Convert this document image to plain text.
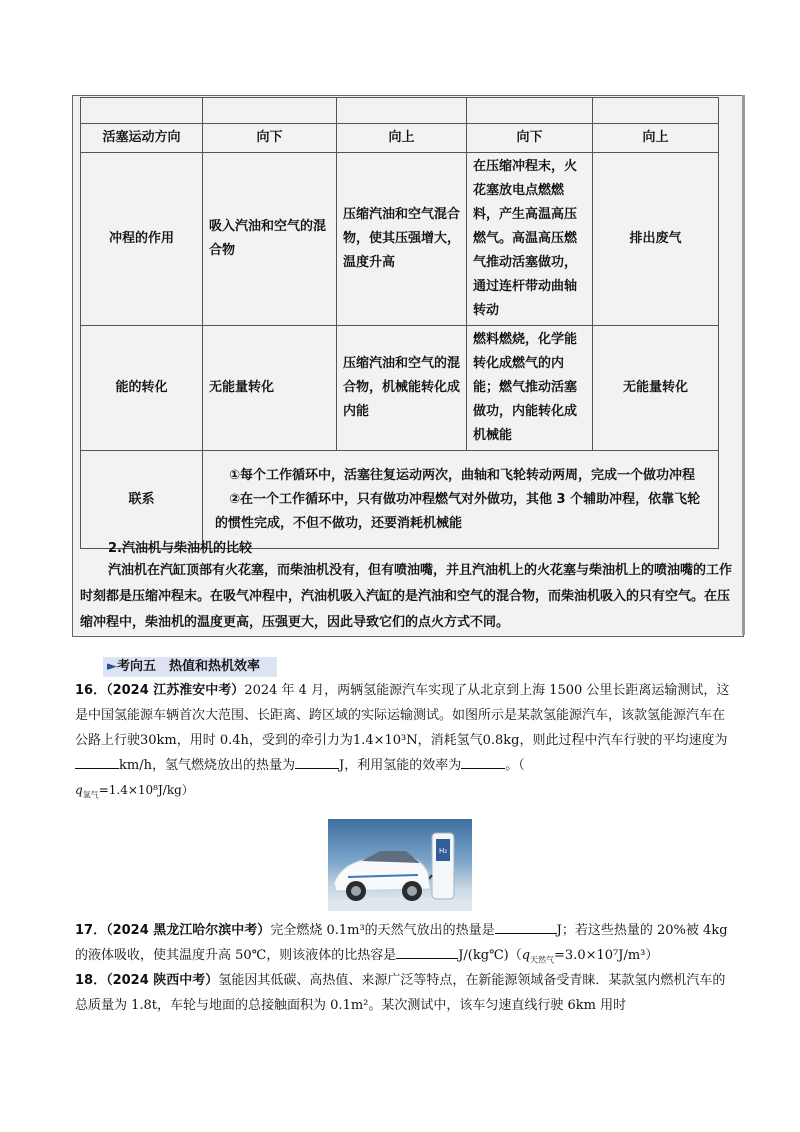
活塞运动方向	向下	向上	向下	向上
冲程的作用	吸入汽油和空气的混合物	压缩汽油和空气混合物，使其压强增大，温度升高	在压缩冲程末，火花塞放电点燃燃料，产生高温高压燃气。高温高压燃气推动活塞做功，通过连杆带动曲轴转动	排出废气
能的转化	无能量转化	压缩汽油和空气的混合物，机械能转化成内能	燃料燃烧，化学能转化成燃气的内能；燃气推动活塞做功，内能转化成机械能	无能量转化
联系	①每个工作循环中，活塞往复运动两次，曲轴和飞轮转动两周，完成一个做功冲程
②在一个工作循环中，只有做功冲程燃气对外做功，其他 3 个辅助冲程，依靠飞轮的惯性完成，不但不做功，还要消耗机械能			
2.汽油机与柴油机的比较
汽油机在汽缸顶部有火花塞，而柴油机没有，但有喷油嘴，并且汽油机上的火花塞与柴油机上的喷油嘴的工作时刻都是压缩冲程末。在吸气冲程中，汽油机吸入汽缸的是汽油和空气的混合物，而柴油机吸入的只有空气。在压缩冲程中，柴油机的温度更高，压强更大，因此导致它们的点火方式不同。
►考向五　热值和热机效率
16．（2024 江苏淮安中考）2024 年 4 月，两辆氢能源汽车实现了从北京到上海 1500 公里长距离运输测试，这是中国氢能源车辆首次大范围、长距离、跨区域的实际运输测试。如图所示是某款氢能源汽车，该款氢能源汽车在公路上行驶30km，用时 0.4h，受到的牵引力为1.4×10³N，消耗氢气0.8kg，则此过程中汽车行驶的平均速度为km/h，氢气燃烧放出的热量为	J，利用氢能的效率为	。（
$q_{氢气}=1.4\times 10^8J/kg$）
H₂
17．（2024 黑龙江哈尔滨中考）完全燃烧 0.1m³的天然气放出的热量是	J；若这些热量的 20%被 4kg 的液体吸收，使其温度升高 50℃，则该液体的比热容是	$J/(kg℃)(q_{天然气}=3.0\times 10^7J/m^3)$
18．（2024 陕西中考）氢能因其低碳、高热值、来源广泛等特点，在新能源领域备受青睐．某款氢内燃机汽车的总质量为 1.8t，车轮与地面的总接触面积为 0.1m²。某次测试中，该车匀速直线行驶 6km 用时
